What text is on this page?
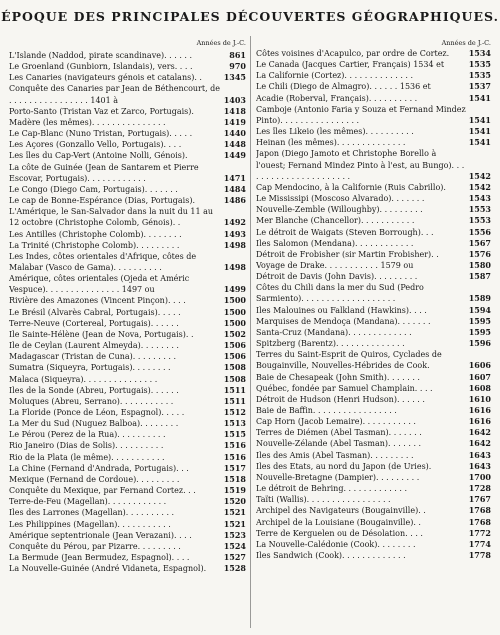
ÉPOQUE DES PRINCIPALES DÉCOUVERTES GÉOGRAPHIQUES.
Années de J.-C.
L'Islande (Naddod, pirate scandinave). . . . . .	861
Le Groenland (Gunbiorn, Islandais), vers. . . .	970
Les Canaries (navigateurs génois et catalans). .	1345
Conquête des Canaries par Jean de Béthencourt, de . . . . . . . . . . . . . . . . 1401 à	1403
Porto-Santo (Tristan Vaz et Zarco, Portugais).	1418
Madère (les mêmes). . . . . . . . . . . . . . .	1419
Le Cap-Blanc (Nuno Tristan, Portugais). . . . .	1440
Les Açores (Gonzallo Vello, Portugais). . . .	1448
Les îles du Cap-Vert (Antoine Nolli, Génois).	1449
La côte de Guinée (Jean de Santarem et Pierre Escovar, Portugais). . . . . . . . . . . .	1471
Le Congo (Diego Cam, Portugais). . . . . . .	1484
Le cap de Bonne-Espérance (Dias, Portugais).	1486
L'Amérique, le San-Salvador dans la nuit du 11 au 12 octobre (Christophe Colomb, Génois). .	1492
Les Antilles (Christophe Colomb). . . . . . . .	1493
La Trinité (Christophe Colomb). . . . . . . . .	1498
Les Indes, côtes orientales d'Afrique, côtes de Malabar (Vasco de Gama). . . . . . . . . .	1498
Amérique, côtes orientales (Ojeda et Améric Vespuce). . . . . . . . . . . . . . . 1497 ou	1499
Rivière des Amazones (Vincent Pinçon). . . .	1500
Le Brésil (Alvarès Cabral, Portugais). . . . .	1500
Terre-Neuve (Cortereal, Portugais). . . . . .	1500
Ile Sainte-Hélène (Jean de Nova, Portugais). .	1502
Ile de Ceylan (Laurent Almeyda). . . . . . . .	1506
Madagascar (Tristan de Cuna). . . . . . . . .	1506
Sumatra (Siqueyra, Portugais). . . . . . . .	1508
Malaca (Siqueyra). . . . . . . . . . . . . . .	1508
Iles de la Sonde (Abreu, Portugais). . . . . .	1511
Moluques (Abreu, Serrano). . . . . . . . . . .	1511
La Floride (Ponce de Léon, Espagnol). . . . .	1512
La Mer du Sud (Nuguez Balboa). . . . . . . .	1513
Le Pérou (Perez de la Rua). . . . . . . . . .	1515
Rio Janeiro (Dias de Solis). . . . . . . . . .	1516
Rio de la Plata (le même). . . . . . . . . . .	1516
La Chine (Fernand d'Andrada, Portugais). . .	1517
Mexique (Fernand de Cordoue). . . . . . . . .	1518
Conquête du Mexique, par Fernand Cortez. . .	1519
Terre-de-Feu (Magellan). . . . . . . . . . . .	1520
Iles des Larrones (Magellan). . . . . . . . . .	1521
Les Philippines (Magellan). . . . . . . . . . .	1521
Amérique septentrionale (Jean Verazani). . . .	1523
Conquête du Pérou, par Pizarre. . . . . . . . .	1524
La Bermude (Jean Bermudez, Espagnol). . . .	1527
La Nouvelle-Guinée (André Vidaneta, Espagnol).	1528
Années de J.-C.
Côtes voisines d'Acapulco, par ordre de Cortez.	1534
Le Canada (Jacques Cartier, Français) 1534 et	1535
La Californie (Cortez). . . . . . . . . . . . . .	1535
Le Chili (Diego de Almagro). . . . . . 1536 et	1537
Acadie (Roberval, Français). . . . . . . . . .	1541
Camboje (Antonio Faria y Souza et Fernand Mindez Pinto). . . . . . . . . . . . . . . .	1541
Les îles Likeio (les mêmes). . . . . . . . . .	1541
Heinan (les mêmes). . . . . . . . . . . . . .	1541
Japon (Diego Jamoto et Christophe Borello à l'ouest; Fernand Mindez Pinto à l'est, au Bungo). . . . . . . . . . . . . . . . . . . . . .	1542
Cap Mendocino, à la Californie (Ruis Cabrillo).	1542
Le Mississipi (Moscoso Alvarado). . . . . . .	1543
Nouvelle-Zemble (Willoughby). . . . . . . . .	1553
Mer Blanche (Chancellor). . . . . . . . . . .	1553
Le détroit de Waigats (Steven Borrough). . .	1556
Iles Salomon (Mendana). . . . . . . . . . . .	1567
Détroit de Frobisher (sir Martin Frobisher). .	1576
Voyage de Drake. . . . . . . . . . . 1579 ou	1580
Détroit de Davis (John Davis). . . . . . . . .	1587
Côtes du Chili dans la mer du Sud (Pedro Sarmiento). . . . . . . . . . . . . . . . . . .	1589
Iles Malouines ou Falkland (Hawkins). . . .	1594
Marquises de Mendoça (Mandana). . . . . . .	1595
Santa-Cruz (Mandana). . . . . . . . . . . . .	1595
Spitzberg (Barentz). . . . . . . . . . . . . .	1596
Terres du Saint-Esprit de Quiros, Cyclades de Bougainville, Nouvelles-Hébrides de Cook.	1606
Baie de Chesapeak (John Smith). . . . . . .	1607
Québec, fondée par Samuel Champlain. . . .	1608
Détroit de Hudson (Henri Hudson). . . . . .	1610
Baie de Baffin. . . . . . . . . . . . . . . . .	1616
Cap Horn (Jacob Lemaire). . . . . . . . . . .	1616
Terres de Diémen (Abel Tasman). . . . . . .	1642
Nouvelle-Zélande (Abel Tasman). . . . . . .	1642
Iles des Amis (Abel Tasman). . . . . . . . .	1643
Iles des Etats, au nord du Japon (de Uries).	1643
Nouvelle-Bretagne (Dampier). . . . . . . . .	1700
Le détroit de Behring. . . . . . . . . . . . .	1728
Taïti (Wallis). . . . . . . . . . . . . . . . .	1767
Archipel des Navigateurs (Bougainville). .	1768
Archipel de la Louisiane (Bougainville). .	1768
Terre de Kerguelen ou de Désolation. . . .	1772
La Nouvelle-Calédonie (Cook). . . . . . . .	1774
Iles Sandwich (Cook). . . . . . . . . . . . .	1778
